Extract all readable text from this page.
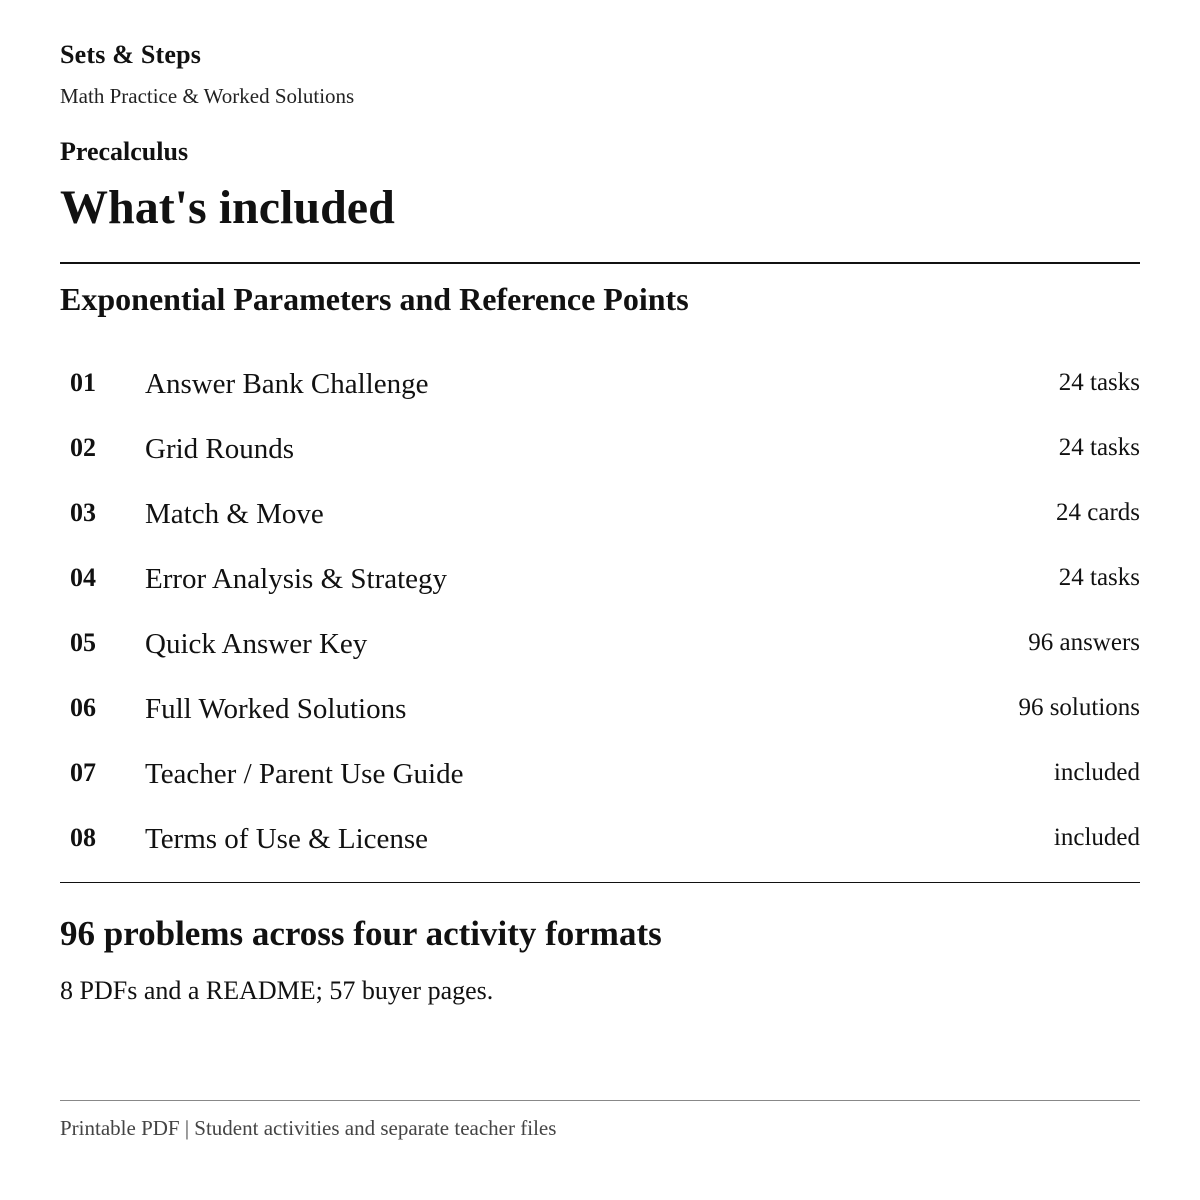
Sets & Steps
Math Practice & Worked Solutions
Precalculus
What's included
Exponential Parameters and Reference Points
01 Answer Bank Challenge	24 tasks
02 Grid Rounds	24 tasks
03 Match & Move	24 cards
04 Error Analysis & Strategy	24 tasks
05 Quick Answer Key	96 answers
06 Full Worked Solutions	96 solutions
07 Teacher / Parent Use Guide	included
08 Terms of Use & License	included
96 problems across four activity formats
8 PDFs and a README; 57 buyer pages.
Printable PDF | Student activities and separate teacher files
